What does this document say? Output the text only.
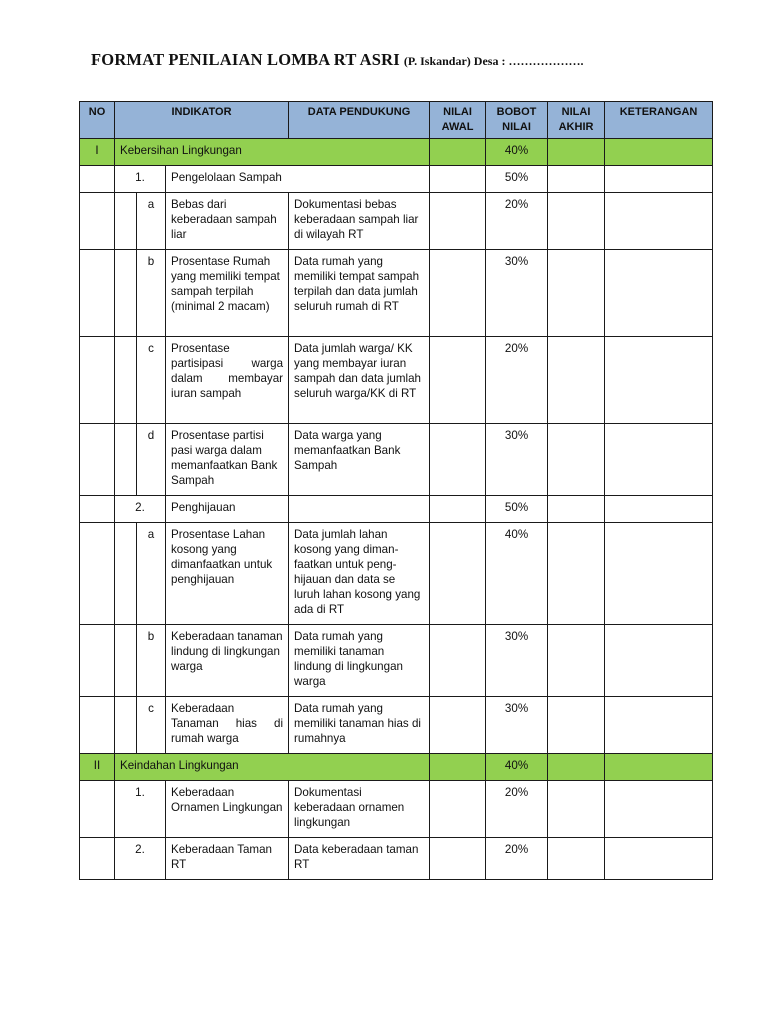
FORMAT PENILAIAN LOMBA RT ASRI (P. Iskandar) Desa : ……………….
NO	INDIKATOR			DATA PENDUKUNG	NILAI AWAL	BOBOT NILAI	NILAI AKHIR	KETERANGAN
I	Kebersihan Lingkungan					40%		
	1.		Pengelolaan Sampah			50%		
		a	Bebas dari keberadaan sampah liar	Dokumentasi bebas keberadaan sampah liar di wilayah RT		20%		
		b	Prosentase Rumah yang memiliki tempat sampah terpilah (minimal 2 macam)	Data rumah yang memiliki tempat sampah terpilah dan data jumlah seluruh rumah di RT		30%		
		c	Prosentase partisipasi warga dalam membayar iuran sampah	Data jumlah warga/ KK yang membayar iuran sampah dan data jumlah seluruh warga/KK di RT		20%		
		d	Prosentase partisi pasi warga dalam memanfaatkan Bank Sampah	Data warga yang memanfaatkan Bank Sampah		30%		
	2.		Penghijauan			50%		
		a	Prosentase Lahan kosong yang dimanfaatkan untuk penghijauan	Data jumlah lahan kosong yang diman-faatkan untuk peng-hijauan dan data se luruh lahan kosong yang ada di RT		40%		
		b	Keberadaan tanaman lindung di lingkungan warga	Data rumah yang memiliki tanaman lindung di lingkungan warga		30%		
		c	Keberadaan Tanaman hias di rumah warga	Data rumah yang memiliki tanaman hias di rumahnya		30%		
II	Keindahan Lingkungan					40%		
	1.		Keberadaan Ornamen Lingkungan	Dokumentasi keberadaan ornamen lingkungan		20%		
	2.		Keberadaan Taman RT	Data keberadaan taman RT		20%		
